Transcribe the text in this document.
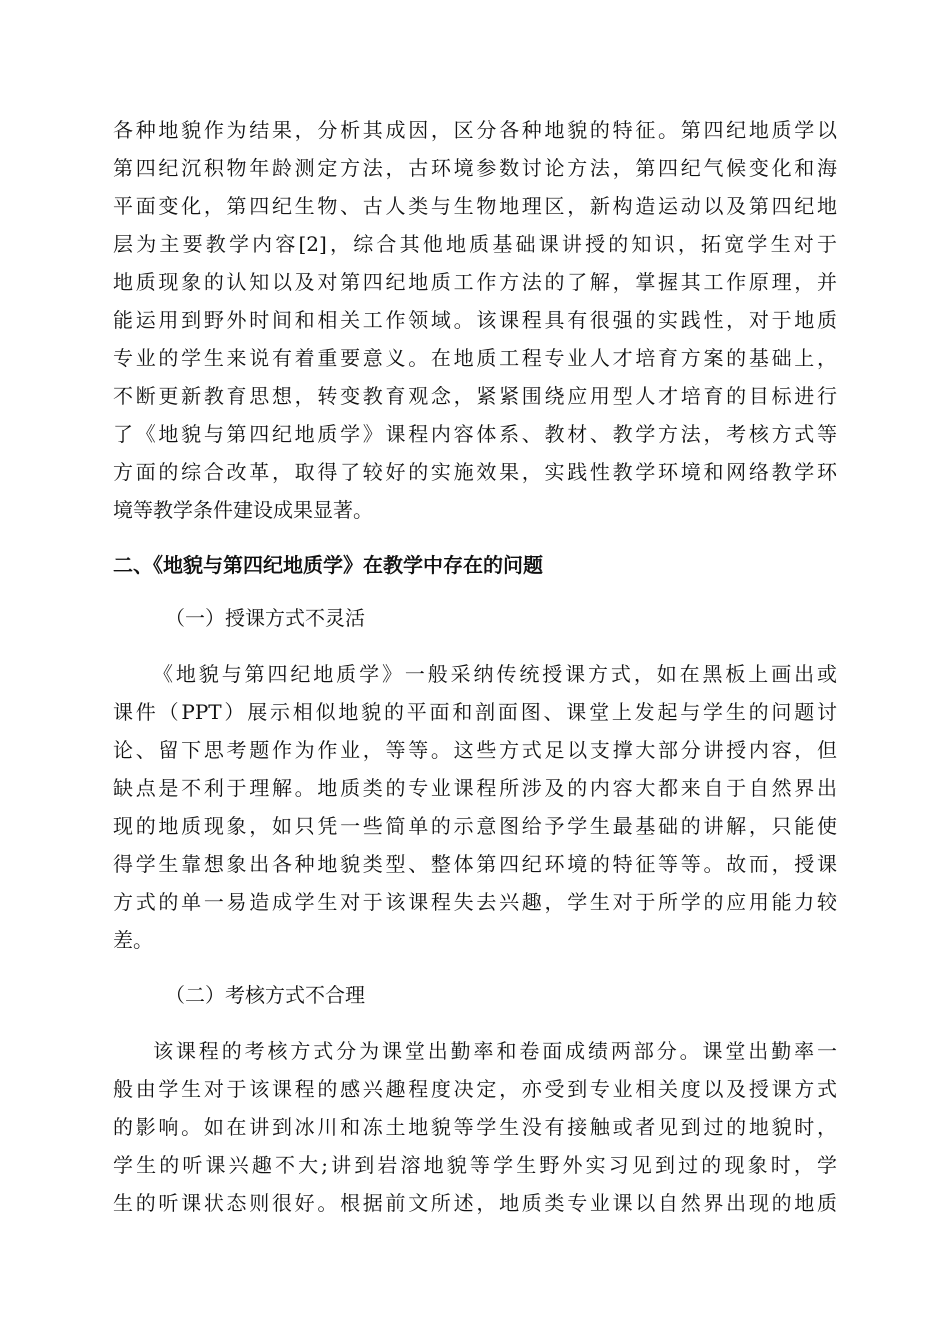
各种地貌作为结果，分析其成因，区分各种地貌的特征。第四纪地质学以
第四纪沉积物年龄测定方法，古环境参数讨论方法，第四纪气候变化和海
平面变化，第四纪生物、古人类与生物地理区，新构造运动以及第四纪地
层为主要教学内容[2]，综合其他地质基础课讲授的知识，拓宽学生对于
地质现象的认知以及对第四纪地质工作方法的了解，掌握其工作原理，并
能运用到野外时间和相关工作领域。该课程具有很强的实践性，对于地质
专业的学生来说有着重要意义。在地质工程专业人才培育方案的基础上，
不断更新教育思想，转变教育观念，紧紧围绕应用型人才培育的目标进行
了《地貌与第四纪地质学》课程内容体系、教材、教学方法，考核方式等
方面的综合改革，取得了较好的实施效果，实践性教学环境和网络教学环
境等教学条件建设成果显著。
二、《地貌与第四纪地质学》在教学中存在的问题
（一）授课方式不灵活
《地貌与第四纪地质学》一般采纳传统授课方式，如在黑板上画出或
课件（PPT）展示相似地貌的平面和剖面图、课堂上发起与学生的问题讨
论、留下思考题作为作业，等等。这些方式足以支撑大部分讲授内容，但
缺点是不利于理解。地质类的专业课程所涉及的内容大都来自于自然界出
现的地质现象，如只凭一些简单的示意图给予学生最基础的讲解，只能使
得学生靠想象出各种地貌类型、整体第四纪环境的特征等等。故而，授课
方式的单一易造成学生对于该课程失去兴趣，学生对于所学的应用能力较
差。
（二）考核方式不合理
该课程的考核方式分为课堂出勤率和卷面成绩两部分。课堂出勤率一
般由学生对于该课程的感兴趣程度决定，亦受到专业相关度以及授课方式
的影响。如在讲到冰川和冻土地貌等学生没有接触或者见到过的地貌时，
学生的听课兴趣不大;讲到岩溶地貌等学生野外实习见到过的现象时，学
生的听课状态则很好。根据前文所述，地质类专业课以自然界出现的地质
